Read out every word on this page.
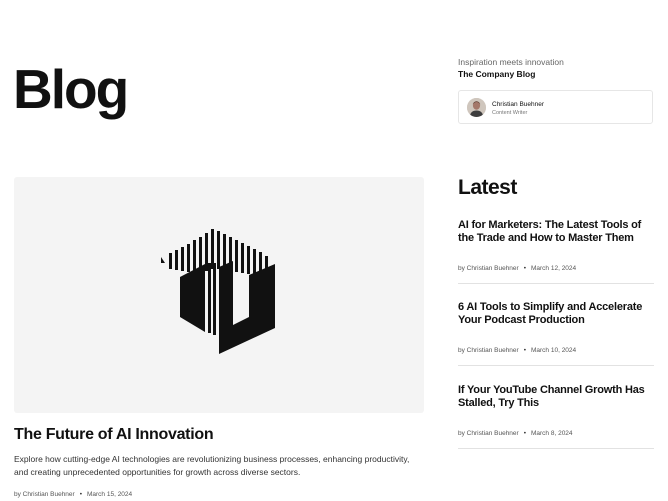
Blog	Inspiration meets innovation
The Company Blog
Christian Buehner
Content Writer
The Future of AI Innovation

Explore how cutting-edge AI technologies are revolutionizing business processes, enhancing productivity, and creating unprecedented opportunities for growth across diverse sectors.

by Christian Buehner • March 15, 2024
Latest
AI for Marketers: The Latest Tools of the Trade and How to Master Them
by Christian Buehner • March 12, 2024
6 AI Tools to Simplify and Accelerate Your Podcast Production
by Christian Buehner • March 10, 2024
If Your YouTube Channel Growth Has Stalled, Try This
by Christian Buehner • March 8, 2024
